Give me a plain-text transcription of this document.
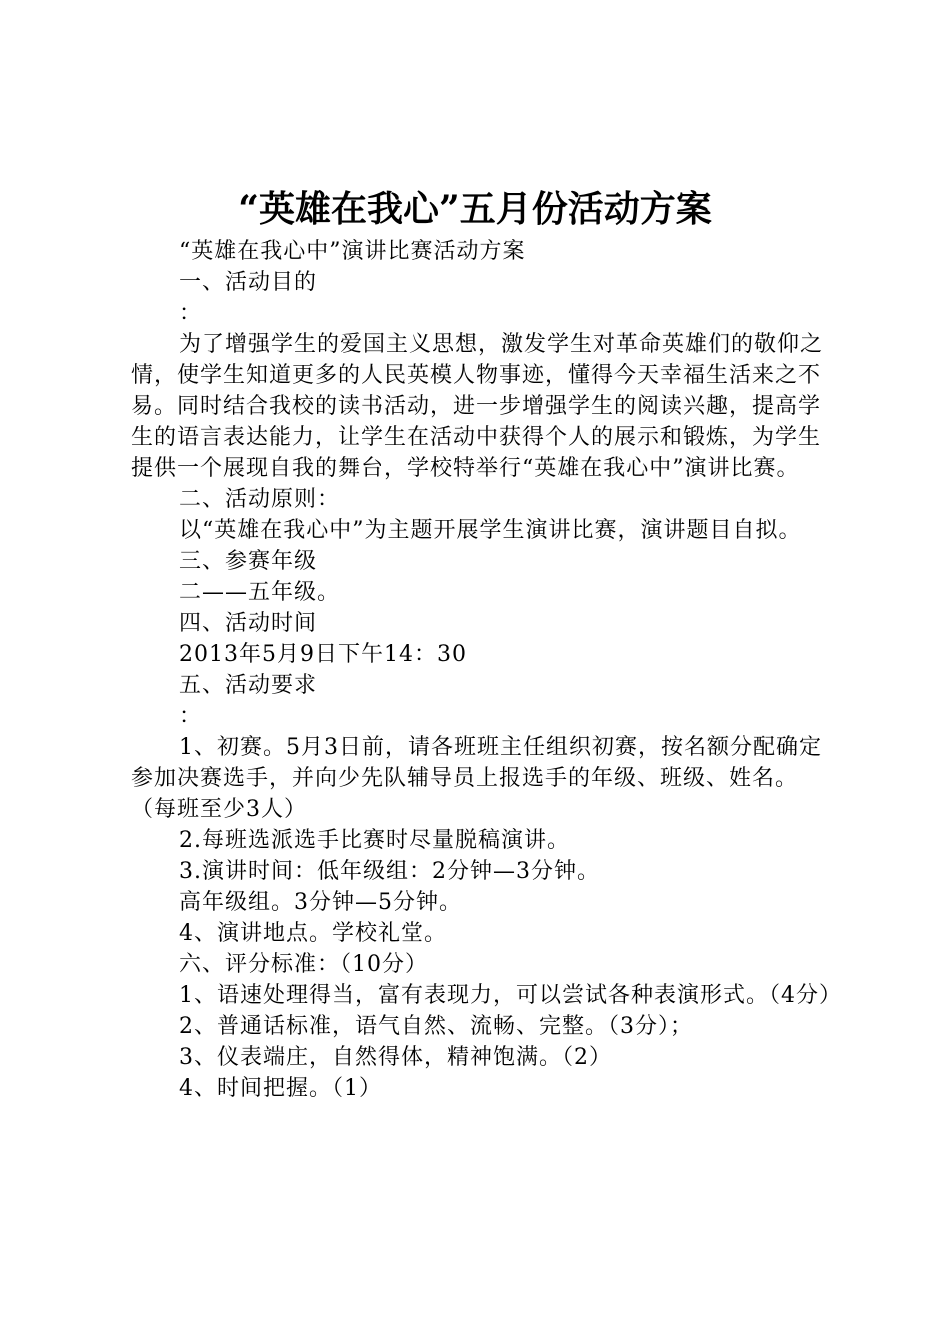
“英雄在我心”五月份活动方案

“英雄在我心中”演讲比赛活动方案

一、活动目的

：

为了增强学生的爱国主义思想，激发学生对革命英雄们的敬仰之情，使学生知道更多的人民英模人物事迹，懂得今天幸福生活来之不易。同时结合我校的读书活动，进一步增强学生的阅读兴趣，提高学生的语言表达能力，让学生在活动中获得个人的展示和锻炼，为学生提供一个展现自我的舞台，学校特举行“英雄在我心中”演讲比赛。

二、活动原则：

以“英雄在我心中”为主题开展学生演讲比赛，演讲题目自拟。

三、参赛年级

二——五年级。

四、活动时间

2013年5月9日下午14：30

五、活动要求

：

1、初赛。5月3日前，请各班班主任组织初赛，按名额分配确定参加决赛选手，并向少先队辅导员上报选手的年级、班级、姓名。（每班至少3人）

2.每班选派选手比赛时尽量脱稿演讲。

3.演讲时间：低年级组：2分钟—3分钟。

高年级组。3分钟—5分钟。

4、演讲地点。学校礼堂。

六、评分标准：（10分）

1、语速处理得当，富有表现力，可以尝试各种表演形式。（4分）

2、普通话标准，语气自然、流畅、完整。（3分）；

3、仪表端庄，自然得体，精神饱满。（2）

4、时间把握。（1）
